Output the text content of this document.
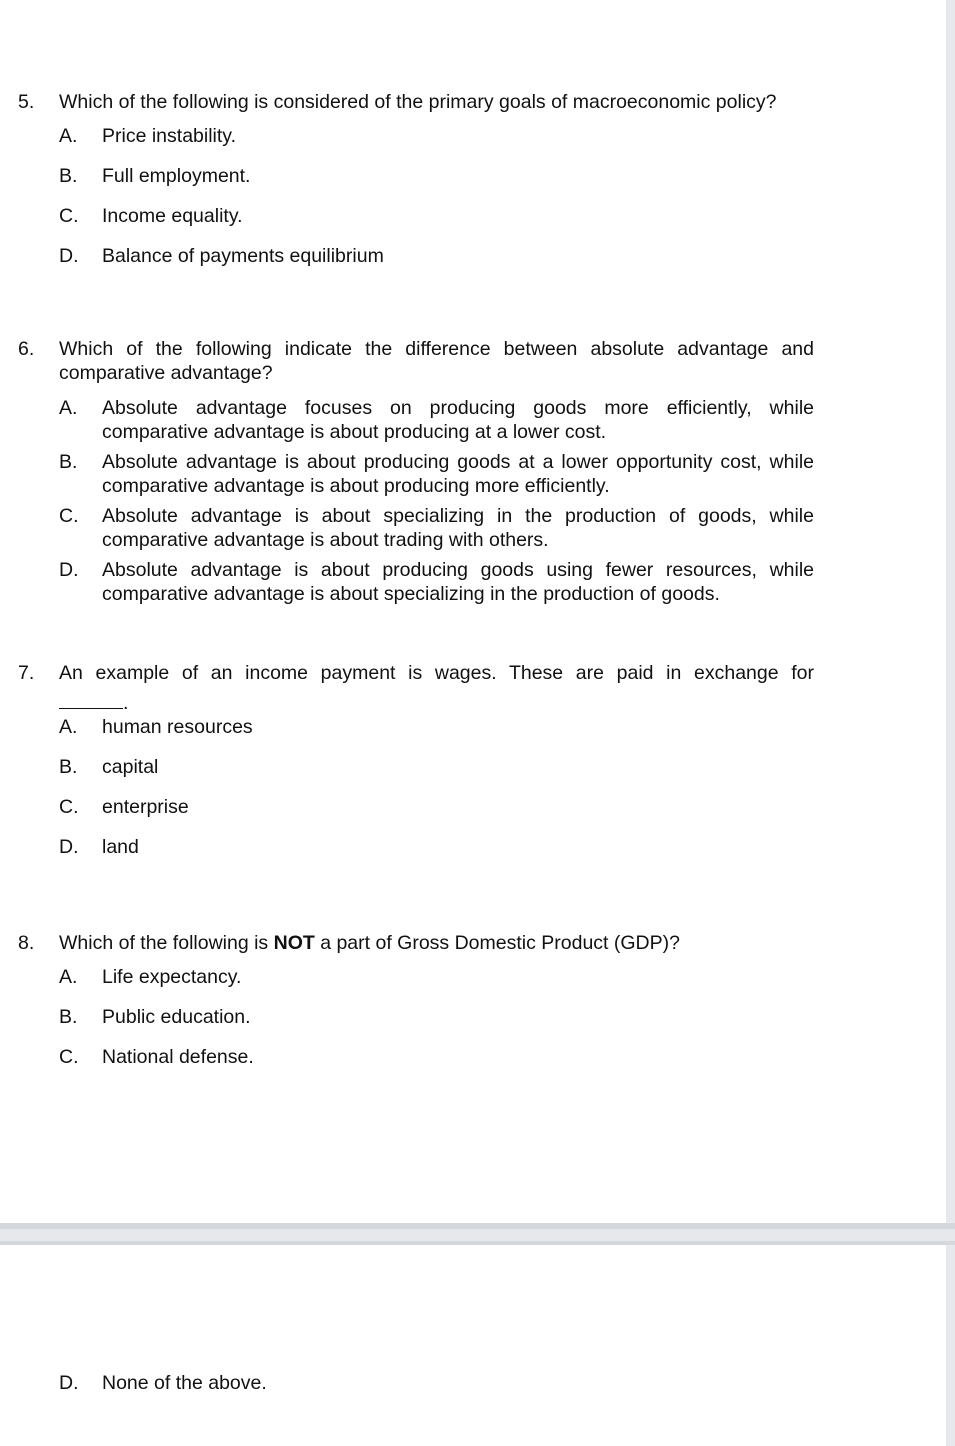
5. Which of the following is considered of the primary goals of macroeconomic policy?
A.	Price instability.
B.	Full employment.
C.	Income equality.
D.	Balance of payments equilibrium
6. Which of the following indicate the difference between absolute advantage and comparative advantage?
A.	Absolute advantage focuses on producing goods more efficiently, while comparative advantage is about producing at a lower cost.
B.	Absolute advantage is about producing goods at a lower opportunity cost, while comparative advantage is about producing more efficiently.
C.	Absolute advantage is about specializing in the production of goods, while comparative advantage is about trading with others.
D.	Absolute advantage is about producing goods using fewer resources, while comparative advantage is about specializing in the production of goods.
7. An example of an income payment is wages. These are paid in exchange for
.
A.	human resources
B.	capital
C.	enterprise
D.	land
8. Which of the following is NOT a part of Gross Domestic Product (GDP)?
A.	Life expectancy.
B.	Public education.
C.	National defense.
D.	None of the above.
